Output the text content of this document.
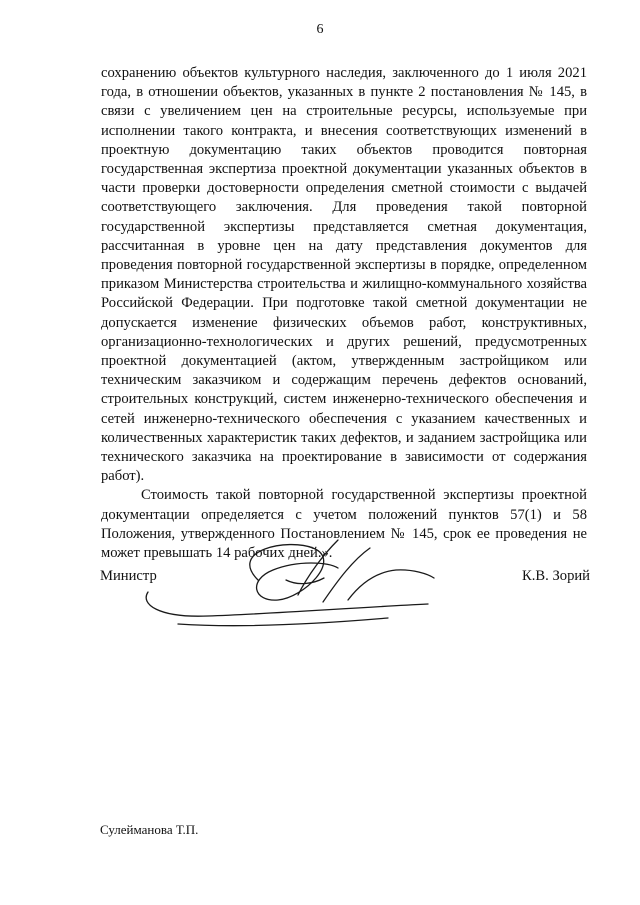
6

сохранению объектов культурного наследия, заключенного до 1 июля 2021 года, в отношении объектов, указанных в пункте 2 постановления № 145, в связи с увеличением цен на строительные ресурсы, используемые при исполнении такого контракта, и внесения соответствующих изменений в проектную документацию таких объектов проводится повторная государственная экспертиза проектной документации указанных объектов в части проверки достоверности определения сметной стоимости с выдачей соответствующего заключения. Для проведения такой повторной государственной экспертизы представляется сметная документация, рассчитанная в уровне цен на дату представления документов для проведения повторной государственной экспертизы в порядке, определенном приказом Министерства строительства и жилищно-коммунального хозяйства Российской Федерации. При подготовке такой сметной документации не допускается изменение физических объемов работ, конструктивных, организационно-технологических и других решений, предусмотренных проектной документацией (актом, утвержденным застройщиком или техническим заказчиком и содержащим перечень дефектов оснований, строительных конструкций, систем инженерно-технического обеспечения и сетей инженерно-технического обеспечения с указанием качественных и количественных характеристик таких дефектов, и заданием застройщика или технического заказчика на проектирование в зависимости от содержания работ).

Стоимость такой повторной государственной экспертизы проектной документации определяется с учетом положений пунктов 57(1) и 58 Положения, утвержденного Постановлением № 145, срок ее проведения не может превышать 14 рабочих дней.».

Министр	К.В. Зорий
Сулейманова Т.П.
